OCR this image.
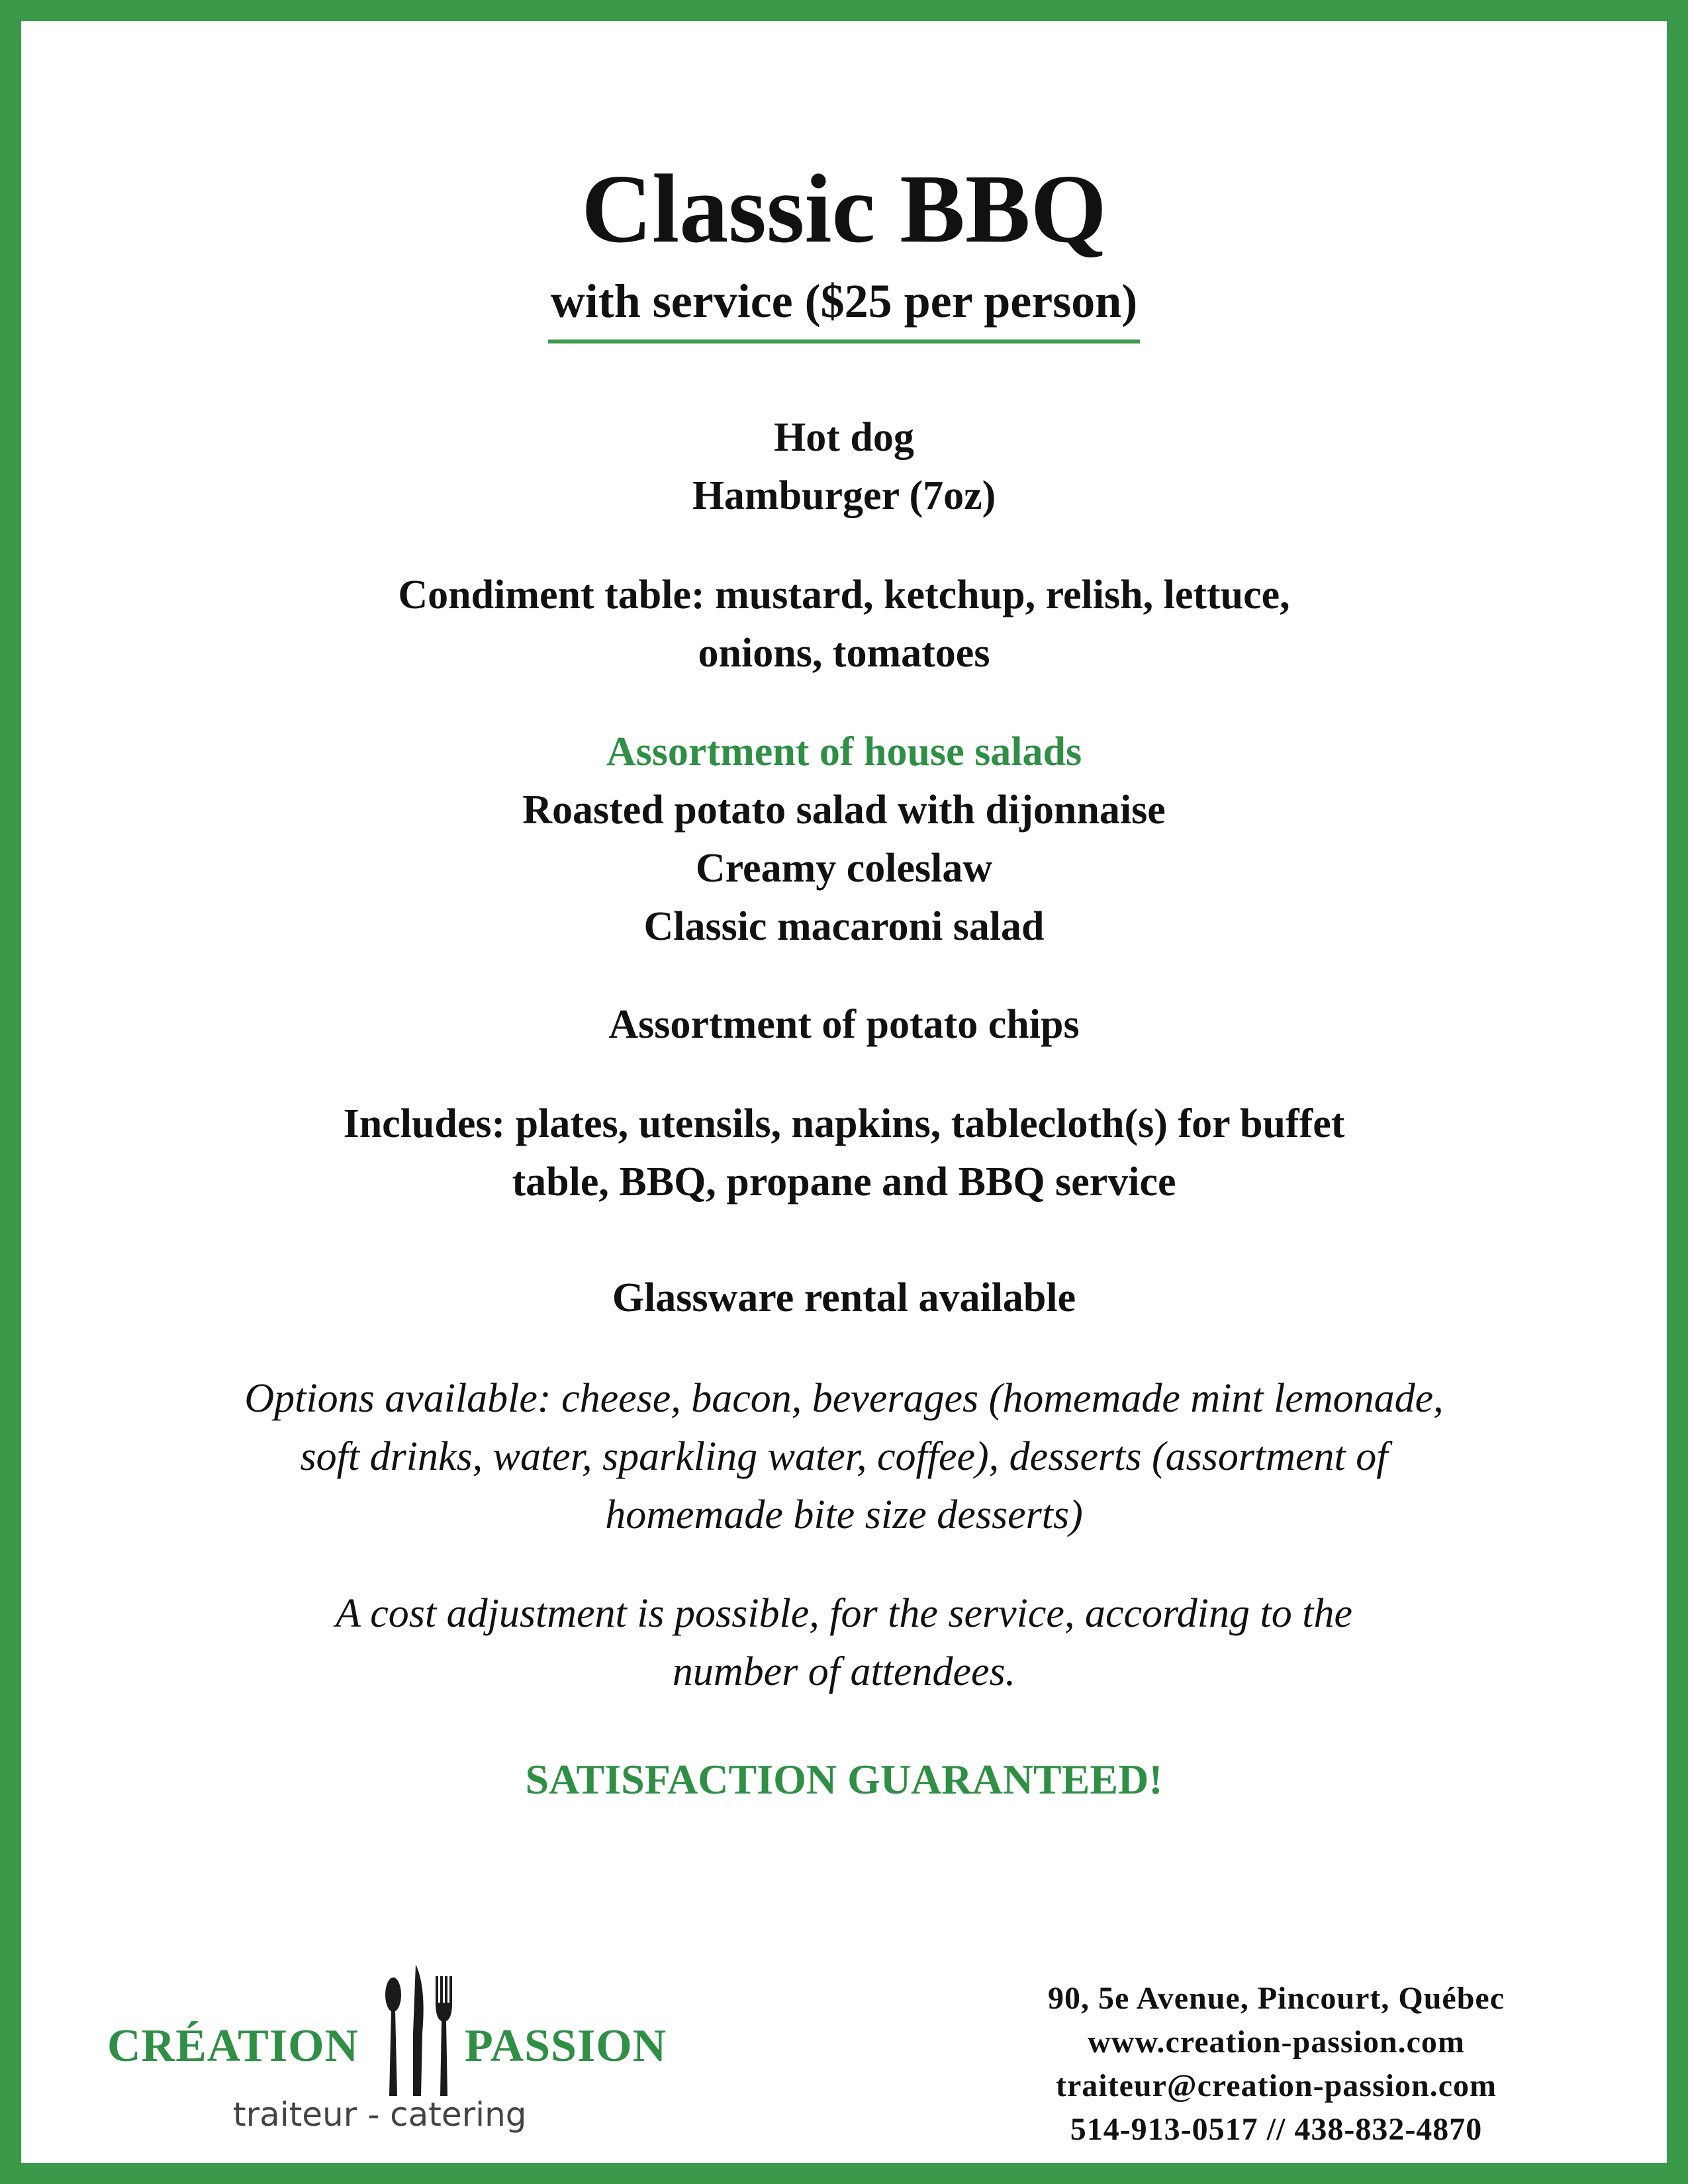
Classic BBQ
with service ($25 per person)
Hot dog
Hamburger (7oz)
Condiment table: mustard, ketchup, relish, lettuce,
onions, tomatoes
Assortment of house salads
Roasted potato salad with dijonnaise
Creamy coleslaw
Classic macaroni salad
Assortment of potato chips
Includes: plates, utensils, napkins, tablecloth(s) for buffet
table, BBQ, propane and BBQ service
Glassware rental available
Options available: cheese, bacon, beverages (homemade mint lemonade,
soft drinks, water, sparkling water, coffee), desserts (assortment of
homemade bite size desserts)
A cost adjustment is possible, for the service, according to the
number of attendees.
SATISFACTION GUARANTEED!
CRÉATION PASSION
traiteur - catering
90, 5e Avenue, Pincourt, Québec
www.creation-passion.com
traiteur@creation-passion.com
514-913-0517 // 438-832-4870
